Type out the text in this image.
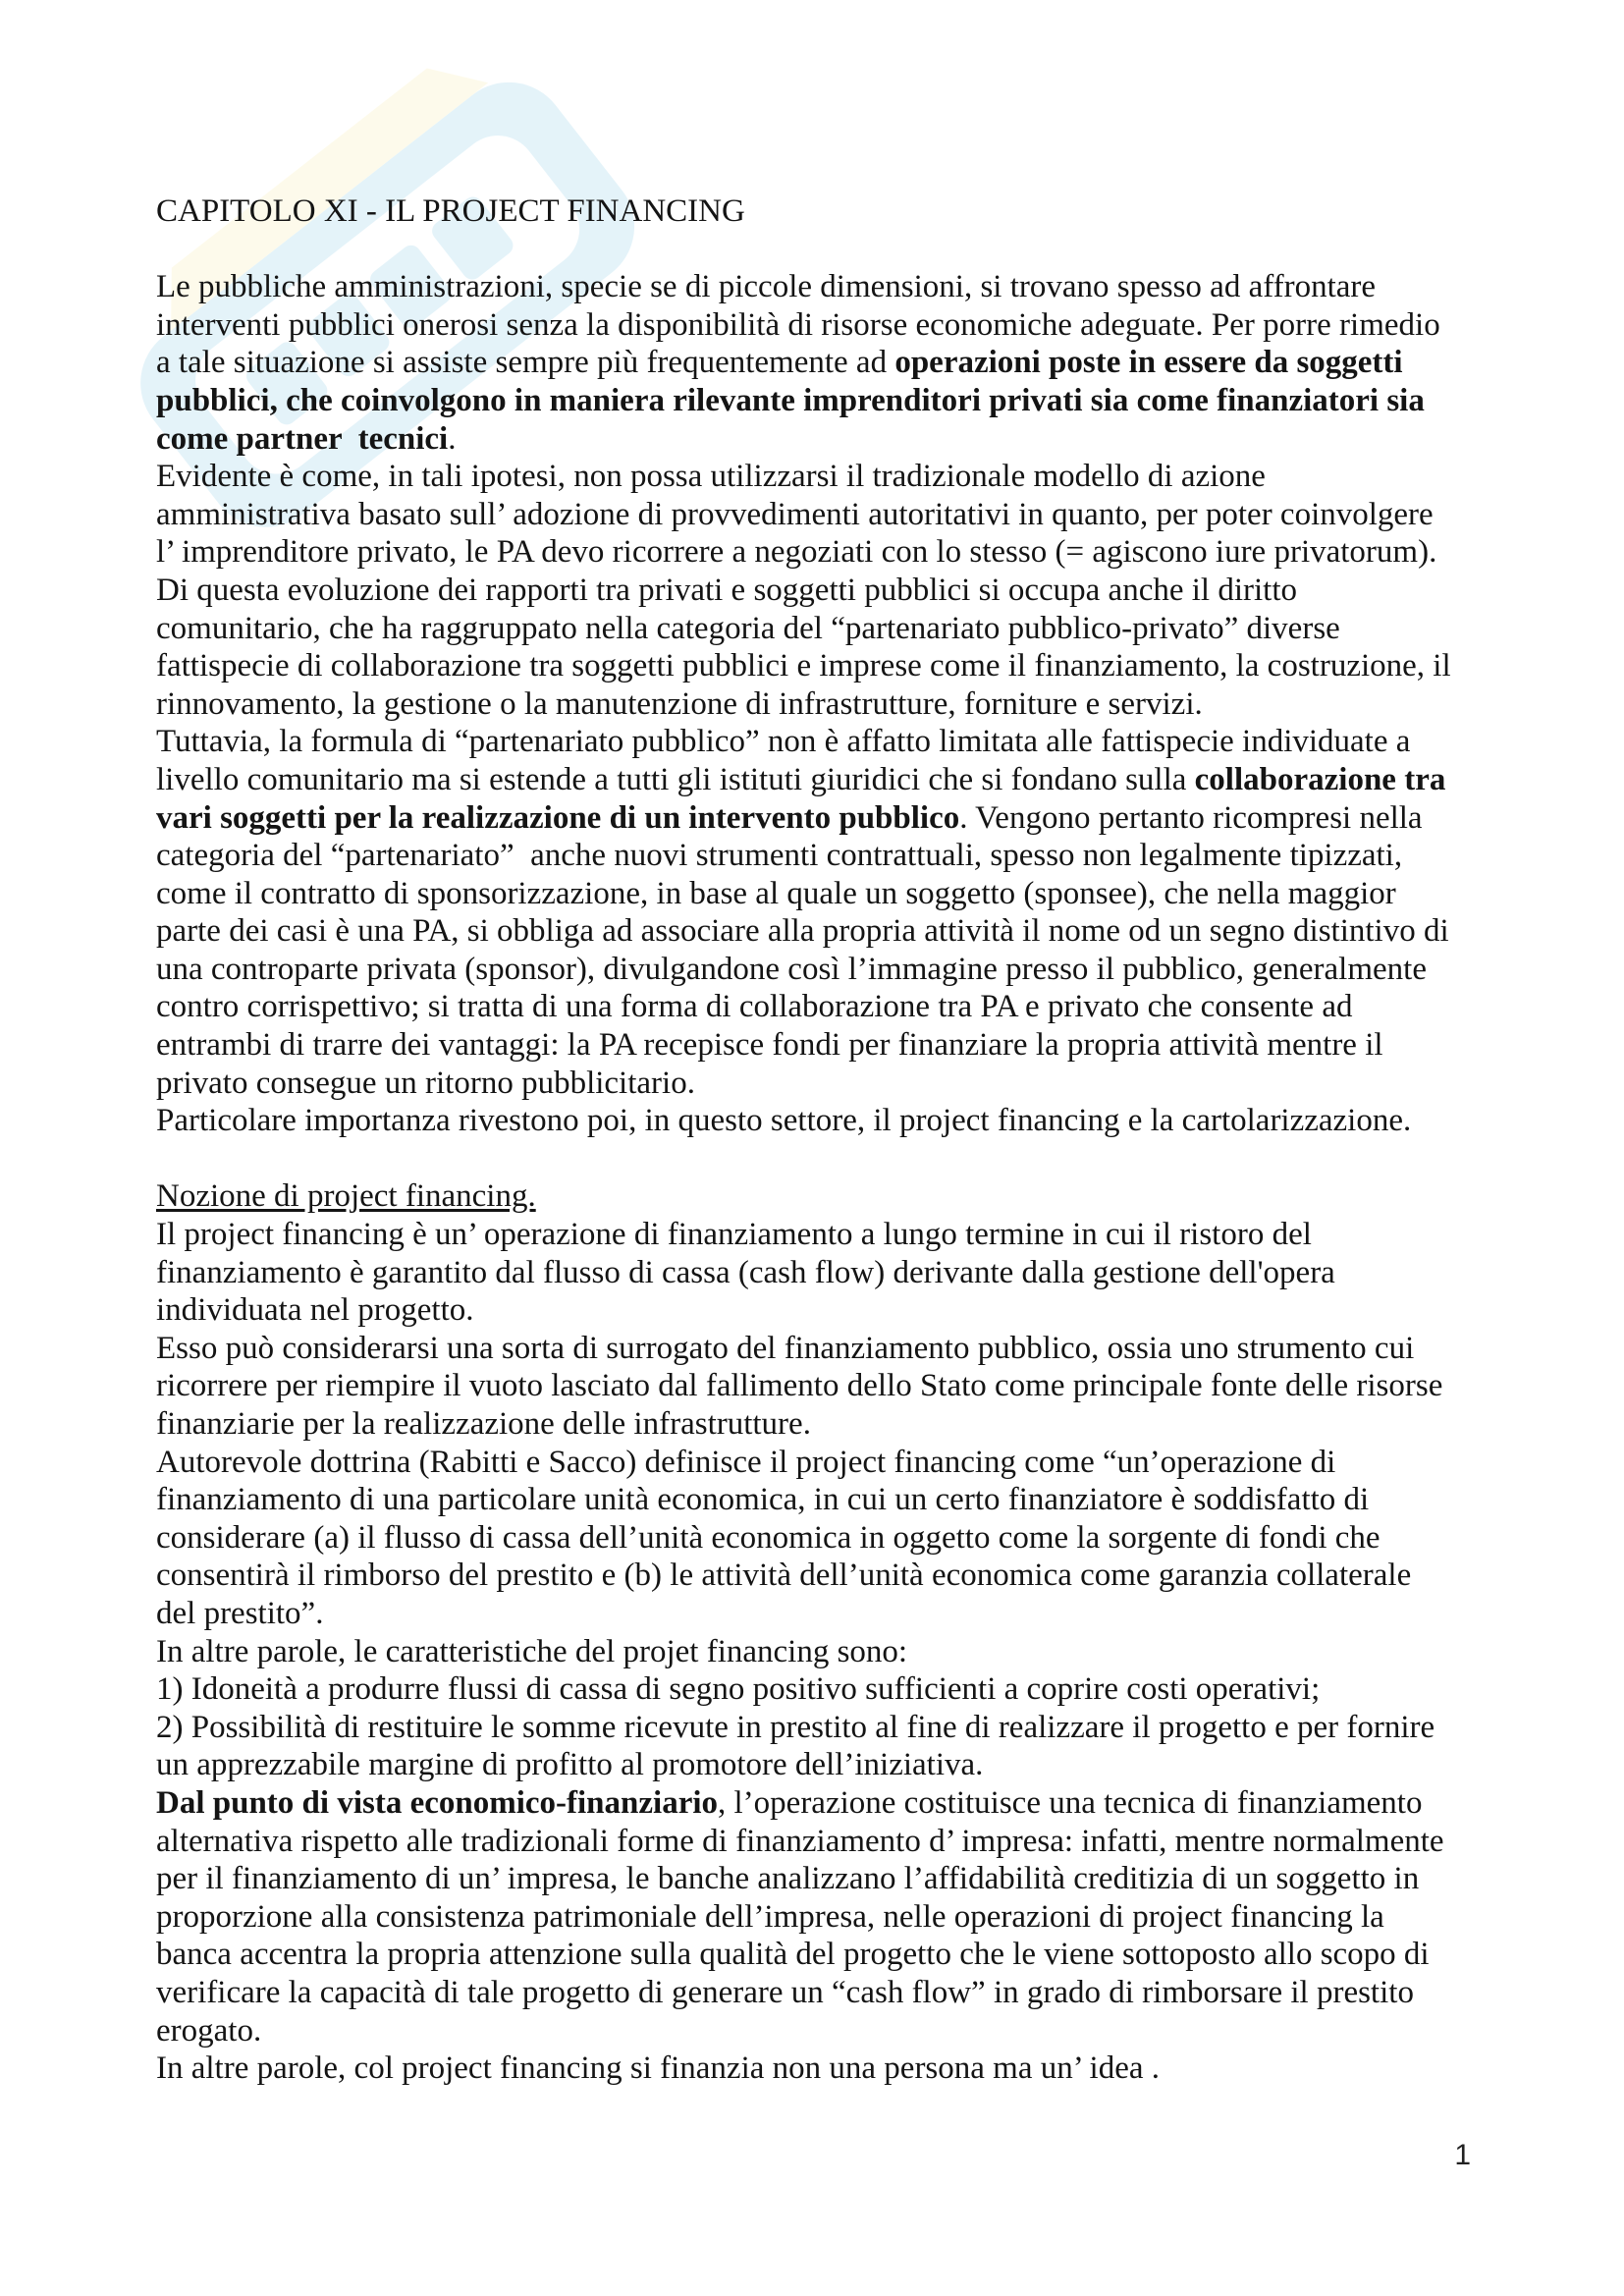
CAPITOLO XI - IL PROJECT FINANCING
Le pubbliche amministrazioni, specie se di piccole dimensioni, si trovano spesso ad affrontare
interventi pubblici onerosi senza la disponibilità di risorse economiche adeguate. Per porre rimedio
a tale situazione si assiste sempre più frequentemente ad operazioni poste in essere da soggetti
pubblici, che coinvolgono in maniera rilevante imprenditori privati sia come finanziatori sia
come partner  tecnici.
Evidente è come, in tali ipotesi, non possa utilizzarsi il tradizionale modello di azione
amministrativa basato sull’ adozione di provvedimenti autoritativi in quanto, per poter coinvolgere
l’ imprenditore privato, le PA devo ricorrere a negoziati con lo stesso (= agiscono iure privatorum).
Di questa evoluzione dei rapporti tra privati e soggetti pubblici si occupa anche il diritto
comunitario, che ha raggruppato nella categoria del “partenariato pubblico-privato” diverse
fattispecie di collaborazione tra soggetti pubblici e imprese come il finanziamento, la costruzione, il
rinnovamento, la gestione o la manutenzione di infrastrutture, forniture e servizi.
Tuttavia, la formula di “partenariato pubblico” non è affatto limitata alle fattispecie individuate a
livello comunitario ma si estende a tutti gli istituti giuridici che si fondano sulla collaborazione tra
vari soggetti per la realizzazione di un intervento pubblico. Vengono pertanto ricompresi nella
categoria del “partenariato”  anche nuovi strumenti contrattuali, spesso non legalmente tipizzati,
come il contratto di sponsorizzazione, in base al quale un soggetto (sponsee), che nella maggior
parte dei casi è una PA, si obbliga ad associare alla propria attività il nome od un segno distintivo di
una controparte privata (sponsor), divulgandone così l’immagine presso il pubblico, generalmente
contro corrispettivo; si tratta di una forma di collaborazione tra PA e privato che consente ad
entrambi di trarre dei vantaggi: la PA recepisce fondi per finanziare la propria attività mentre il
privato consegue un ritorno pubblicitario.
Particolare importanza rivestono poi, in questo settore, il project financing e la cartolarizzazione.
Nozione di project financing.
Il project financing è un’ operazione di finanziamento a lungo termine in cui il ristoro del
finanziamento è garantito dal flusso di cassa (cash flow) derivante dalla gestione dell'opera
individuata nel progetto.
Esso può considerarsi una sorta di surrogato del finanziamento pubblico, ossia uno strumento cui
ricorrere per riempire il vuoto lasciato dal fallimento dello Stato come principale fonte delle risorse
finanziarie per la realizzazione delle infrastrutture.
Autorevole dottrina (Rabitti e Sacco) definisce il project financing come “un’operazione di
finanziamento di una particolare unità economica, in cui un certo finanziatore è soddisfatto di
considerare (a) il flusso di cassa dell’unità economica in oggetto come la sorgente di fondi che
consentirà il rimborso del prestito e (b) le attività dell’unità economica come garanzia collaterale
del prestito”.
In altre parole, le caratteristiche del projet financing sono:
1) Idoneità a produrre flussi di cassa di segno positivo sufficienti a coprire costi operativi;
2) Possibilità di restituire le somme ricevute in prestito al fine di realizzare il progetto e per fornire
un apprezzabile margine di profitto al promotore dell’iniziativa.
Dal punto di vista economico-finanziario, l’operazione costituisce una tecnica di finanziamento
alternativa rispetto alle tradizionali forme di finanziamento d’ impresa: infatti, mentre normalmente
per il finanziamento di un’ impresa, le banche analizzano l’affidabilità creditizia di un soggetto in
proporzione alla consistenza patrimoniale dell’impresa, nelle operazioni di project financing la
banca accentra la propria attenzione sulla qualità del progetto che le viene sottoposto allo scopo di
verificare la capacità di tale progetto di generare un “cash flow” in grado di rimborsare il prestito
erogato.
In altre parole, col project financing si finanzia non una persona ma un’ idea .
1
